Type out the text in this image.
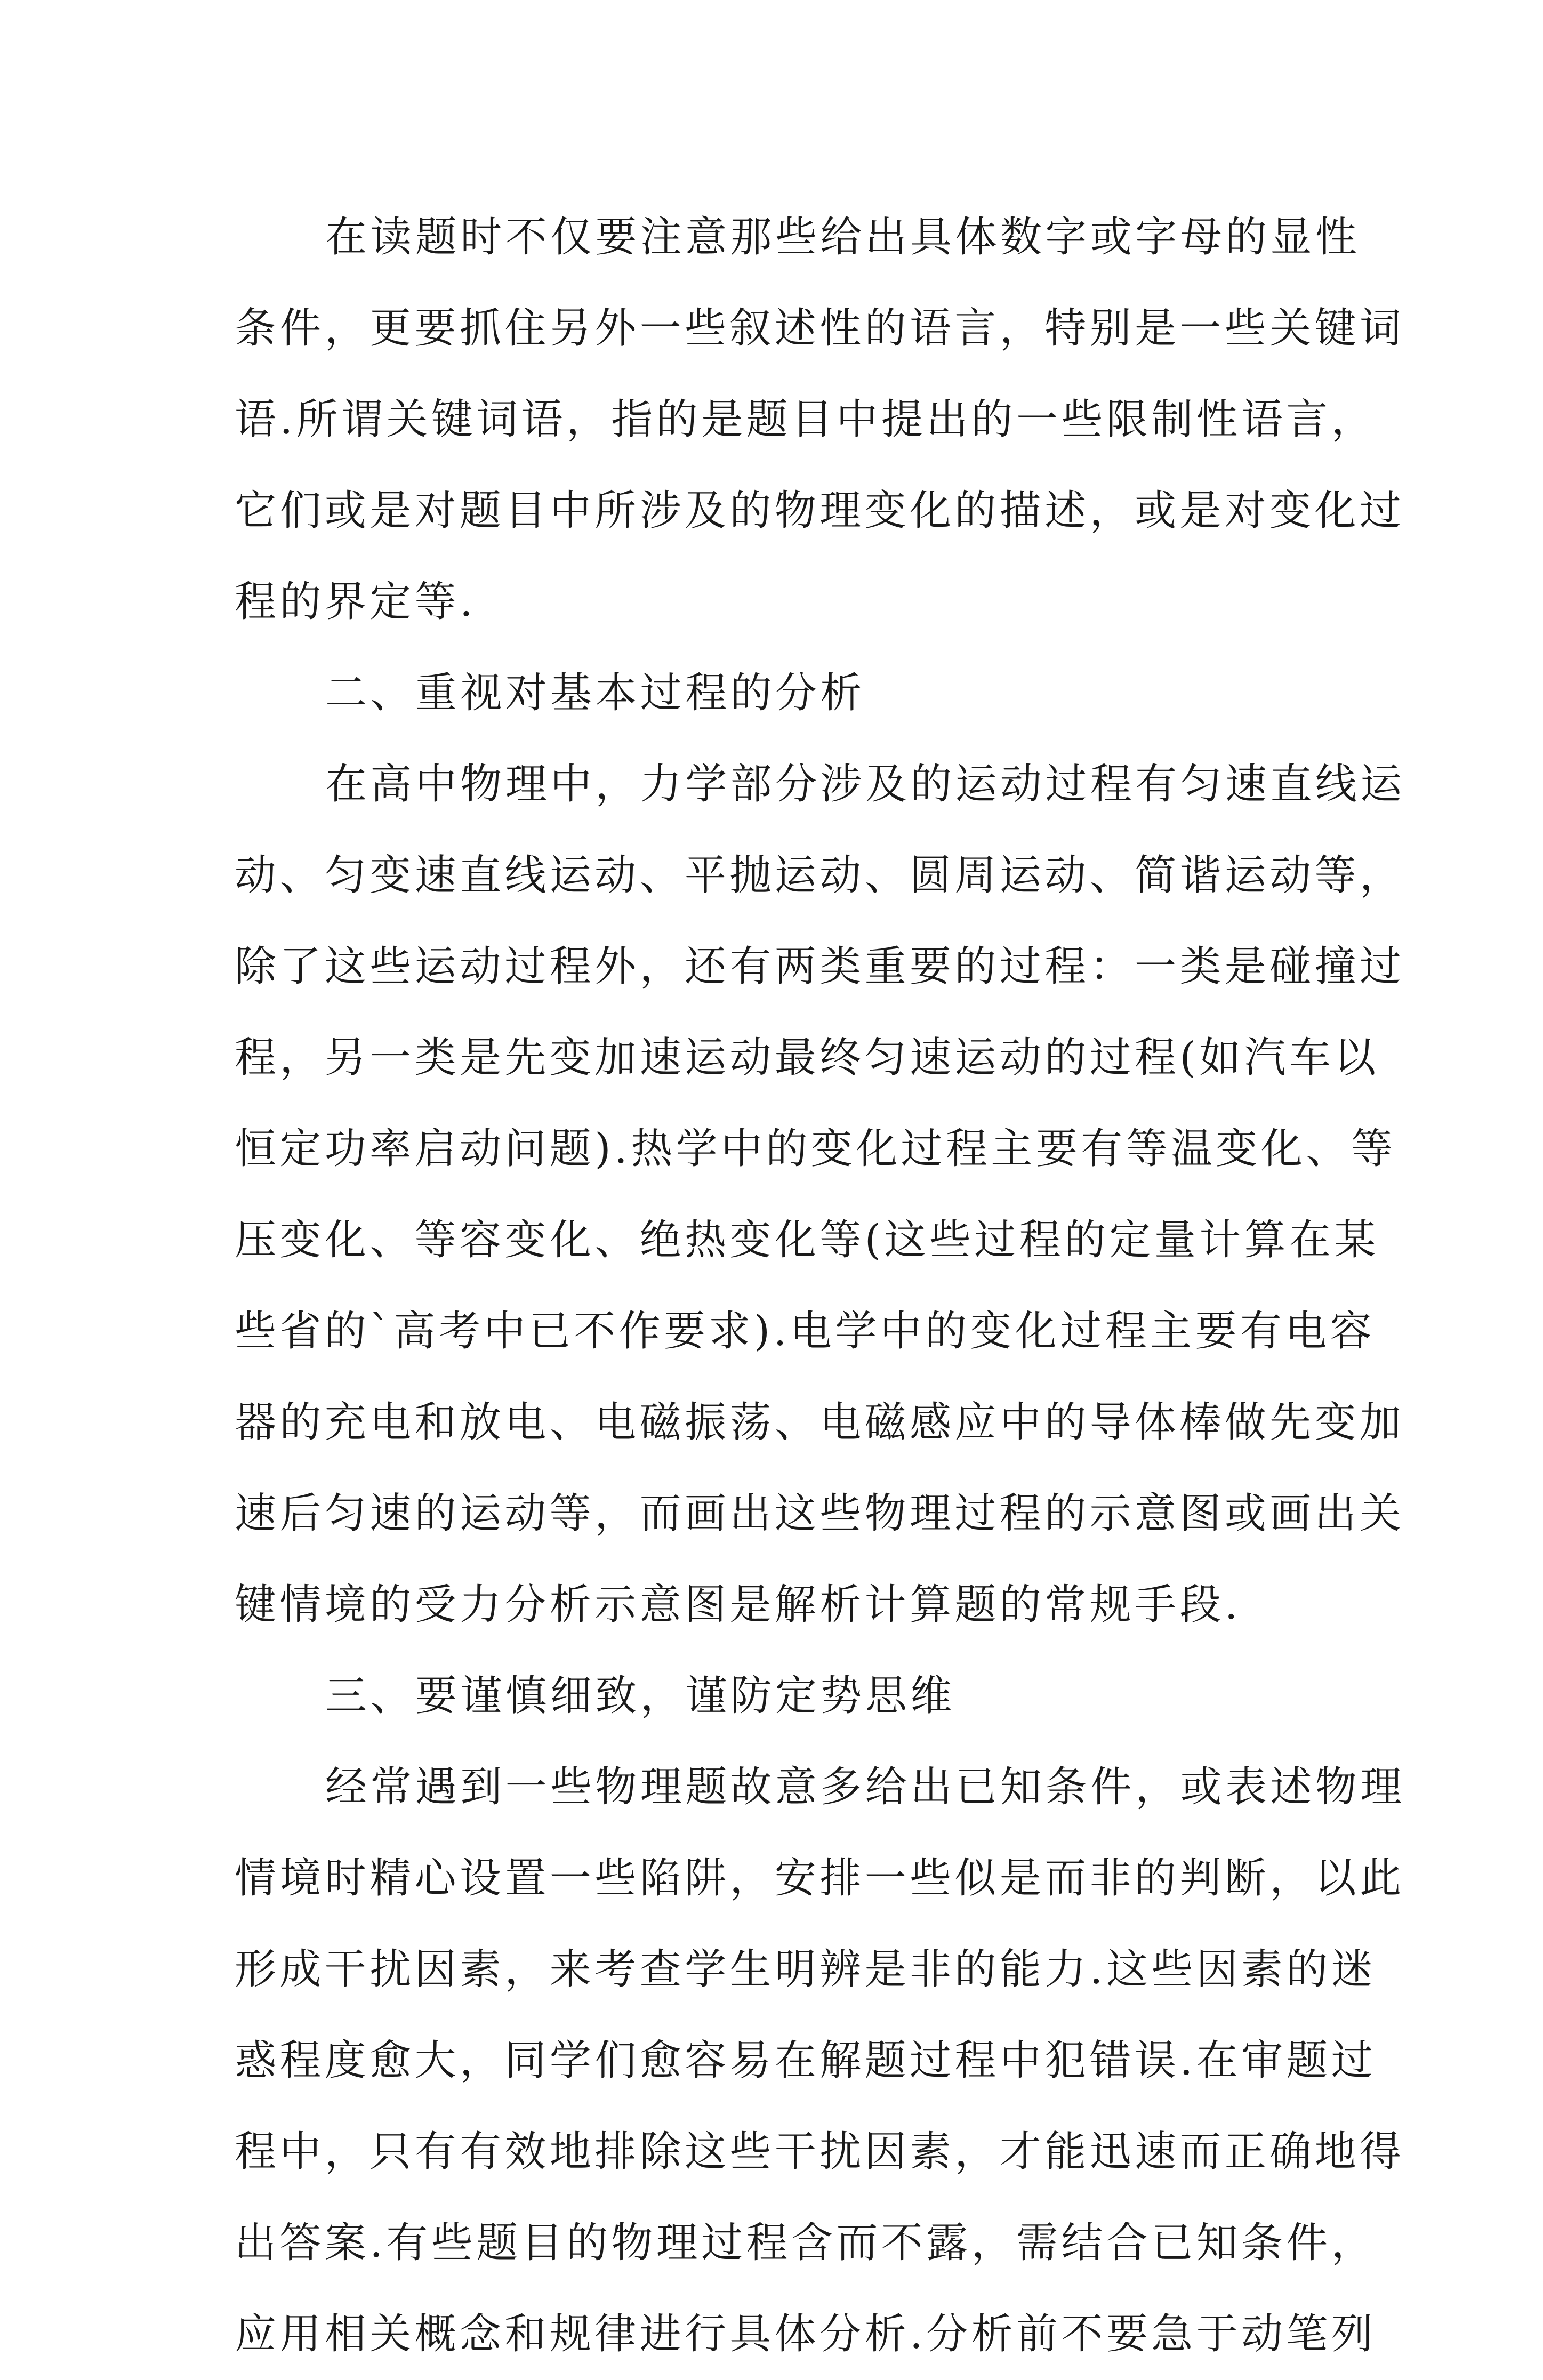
在读题时不仅要注意那些给出具体数字或字母的显性
条件，更要抓住另外一些叙述性的语言，特别是一些关键词
语.所谓关键词语，指的是题目中提出的一些限制性语言，
它们或是对题目中所涉及的物理变化的描述，或是对变化过
程的界定等.
二、重视对基本过程的分析
在高中物理中，力学部分涉及的运动过程有匀速直线运
动、匀变速直线运动、平抛运动、圆周运动、简谐运动等，
除了这些运动过程外，还有两类重要的过程：一类是碰撞过
程，另一类是先变加速运动最终匀速运动的过程(如汽车以
恒定功率启动问题).热学中的变化过程主要有等温变化、等
压变化、等容变化、绝热变化等(这些过程的定量计算在某
些省的`高考中已不作要求).电学中的变化过程主要有电容
器的充电和放电、电磁振荡、电磁感应中的导体棒做先变加
速后匀速的运动等，而画出这些物理过程的示意图或画出关
键情境的受力分析示意图是解析计算题的常规手段.
三、要谨慎细致，谨防定势思维
经常遇到一些物理题故意多给出已知条件，或表述物理
情境时精心设置一些陷阱，安排一些似是而非的判断，以此
形成干扰因素，来考查学生明辨是非的能力.这些因素的迷
惑程度愈大，同学们愈容易在解题过程中犯错误.在审题过
程中，只有有效地排除这些干扰因素，才能迅速而正确地得
出答案.有些题目的物理过程含而不露，需结合已知条件，
应用相关概念和规律进行具体分析.分析前不要急于动笔列
